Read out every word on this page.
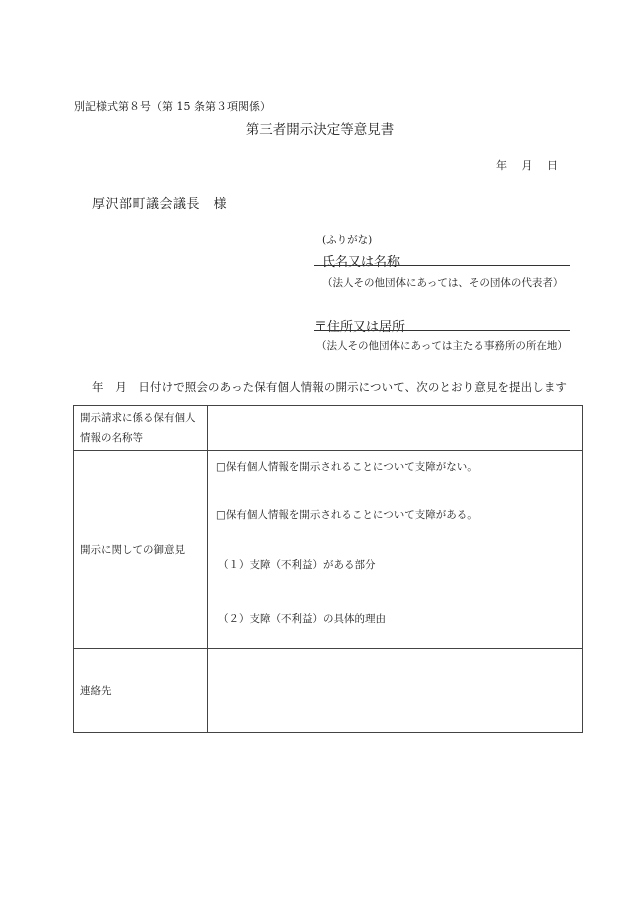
別記様式第８号（第 15 条第３項関係）
第三者開示決定等意見書
年 月 日
厚沢部町議会議長　様
(ふりがな)
氏名又は名称
（法人その他団体にあっては、その団体の代表者）
〒住所又は居所
（法人その他団体にあっては主たる事務所の所在地）
年　月　日付けで照会のあった保有個人情報の開示について、次のとおり意見を提出します
開示請求に係る保有個人
情報の名称等	

開示に関しての御意見	□保有個人情報を開示されることについて支障がない。
□保有個人情報を開示されることについて支障がある。
（１）支障（不利益）がある部分
（２）支障（不利益）の具体的理由

連絡先	
